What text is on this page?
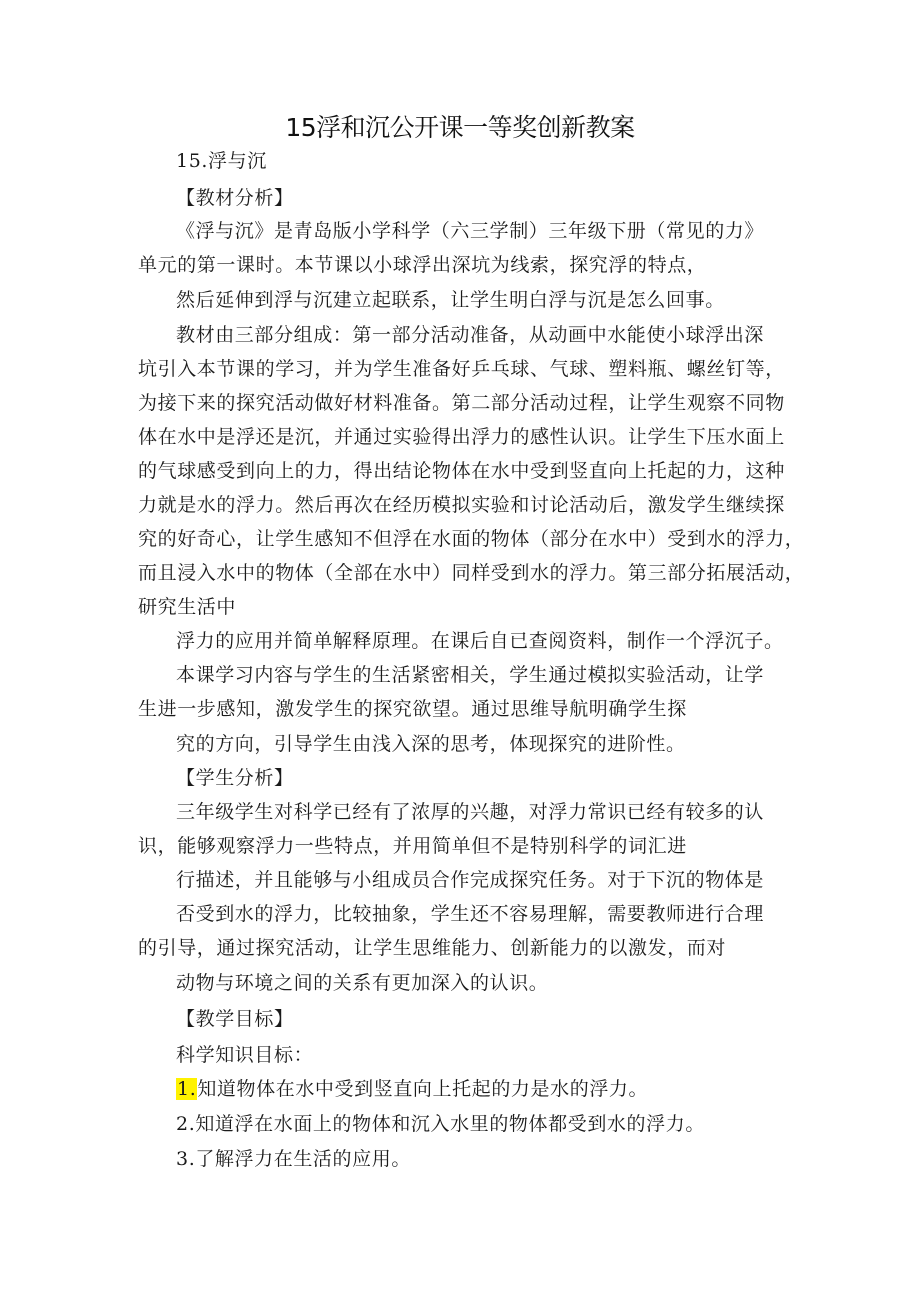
15浮和沉公开课一等奖创新教案
15.浮与沉
【教材分析】
《浮与沉》是青岛版小学科学（六三学制）三年级下册（常见的力》
单元的第一课时。本节课以小球浮出深坑为线索，探究浮的特点，
然后延伸到浮与沉建立起联系，让学生明白浮与沉是怎么回事。
教材由三部分组成：第一部分活动准备，从动画中水能使小球浮出深
坑引入本节课的学习，并为学生准备好乒乓球、气球、塑料瓶、螺丝钉等，
为接下来的探究活动做好材料准备。第二部分活动过程，让学生观察不同物
体在水中是浮还是沉，并通过实验得出浮力的感性认识。让学生下压水面上
的气球感受到向上的力，得出结论物体在水中受到竖直向上托起的力，这种
力就是水的浮力。然后再次在经历模拟实验和讨论活动后，激发学生继续探
究的好奇心，让学生感知不但浮在水面的物体（部分在水中）受到水的浮力，
而且浸入水中的物体（全部在水中）同样受到水的浮力。第三部分拓展活动，
研究生活中
浮力的应用并简单解释原理。在课后自已查阅资料，制作一个浮沉子。
本课学习内容与学生的生活紧密相关，学生通过模拟实验活动，让学
生进一步感知，激发学生的探究欲望。通过思维导航明确学生探
究的方向，引导学生由浅入深的思考，体现探究的进阶性。
【学生分析】
三年级学生对科学已经有了浓厚的兴趣，对浮力常识已经有较多的认
识，能够观察浮力一些特点，并用简单但不是特别科学的词汇进
行描述，并且能够与小组成员合作完成探究任务。对于下沉的物体是
否受到水的浮力，比较抽象，学生还不容易理解，需要教师进行合理
的引导，通过探究活动，让学生思维能力、创新能力的以激发，而对
动物与环境之间的关系有更加深入的认识。
【教学目标】
科学知识目标：
1.知道物体在水中受到竖直向上托起的力是水的浮力。
2.知道浮在水面上的物体和沉入水里的物体都受到水的浮力。
3.了解浮力在生活的应用。
